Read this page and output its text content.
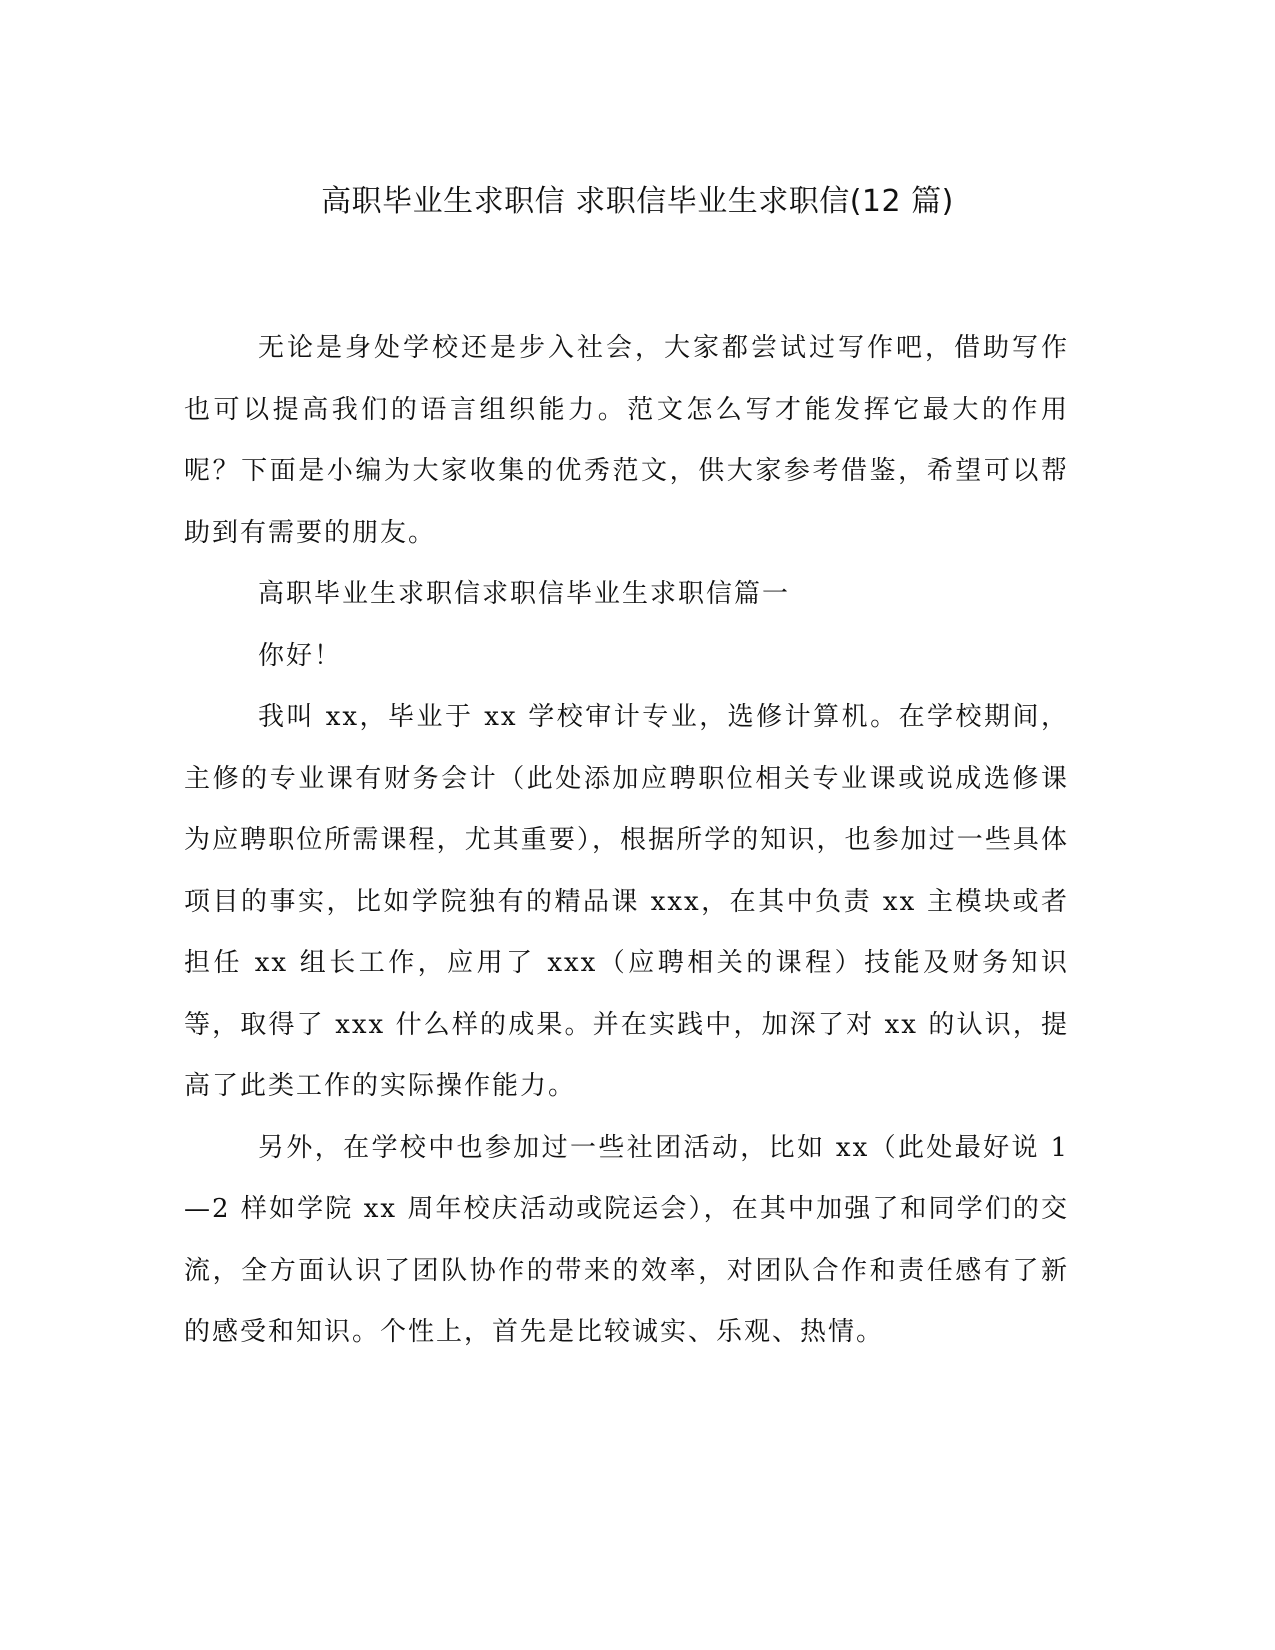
高职毕业生求职信 求职信毕业生求职信(12 篇)

无论是身处学校还是步入社会，大家都尝试过写作吧，借助写作也可以提高我们的语言组织能力。范文怎么写才能发挥它最大的作用呢？下面是小编为大家收集的优秀范文，供大家参考借鉴，希望可以帮助到有需要的朋友。

高职毕业生求职信求职信毕业生求职信篇一

你好！

我叫 xx，毕业于 xx 学校审计专业，选修计算机。在学校期间，主修的专业课有财务会计（此处添加应聘职位相关专业课或说成选修课为应聘职位所需课程，尤其重要），根据所学的知识，也参加过一些具体项目的事实，比如学院独有的精品课 xxx，在其中负责 xx 主模块或者担任 xx 组长工作，应用了 xxx（应聘相关的课程）技能及财务知识等，取得了 xxx 什么样的成果。并在实践中，加深了对 xx 的认识，提高了此类工作的实际操作能力。

另外，在学校中也参加过一些社团活动，比如 xx（此处最好说 1—2 样如学院 xx 周年校庆活动或院运会），在其中加强了和同学们的交流，全方面认识了团队协作的带来的效率，对团队合作和责任感有了新的感受和知识。个性上，首先是比较诚实、乐观、热情。
